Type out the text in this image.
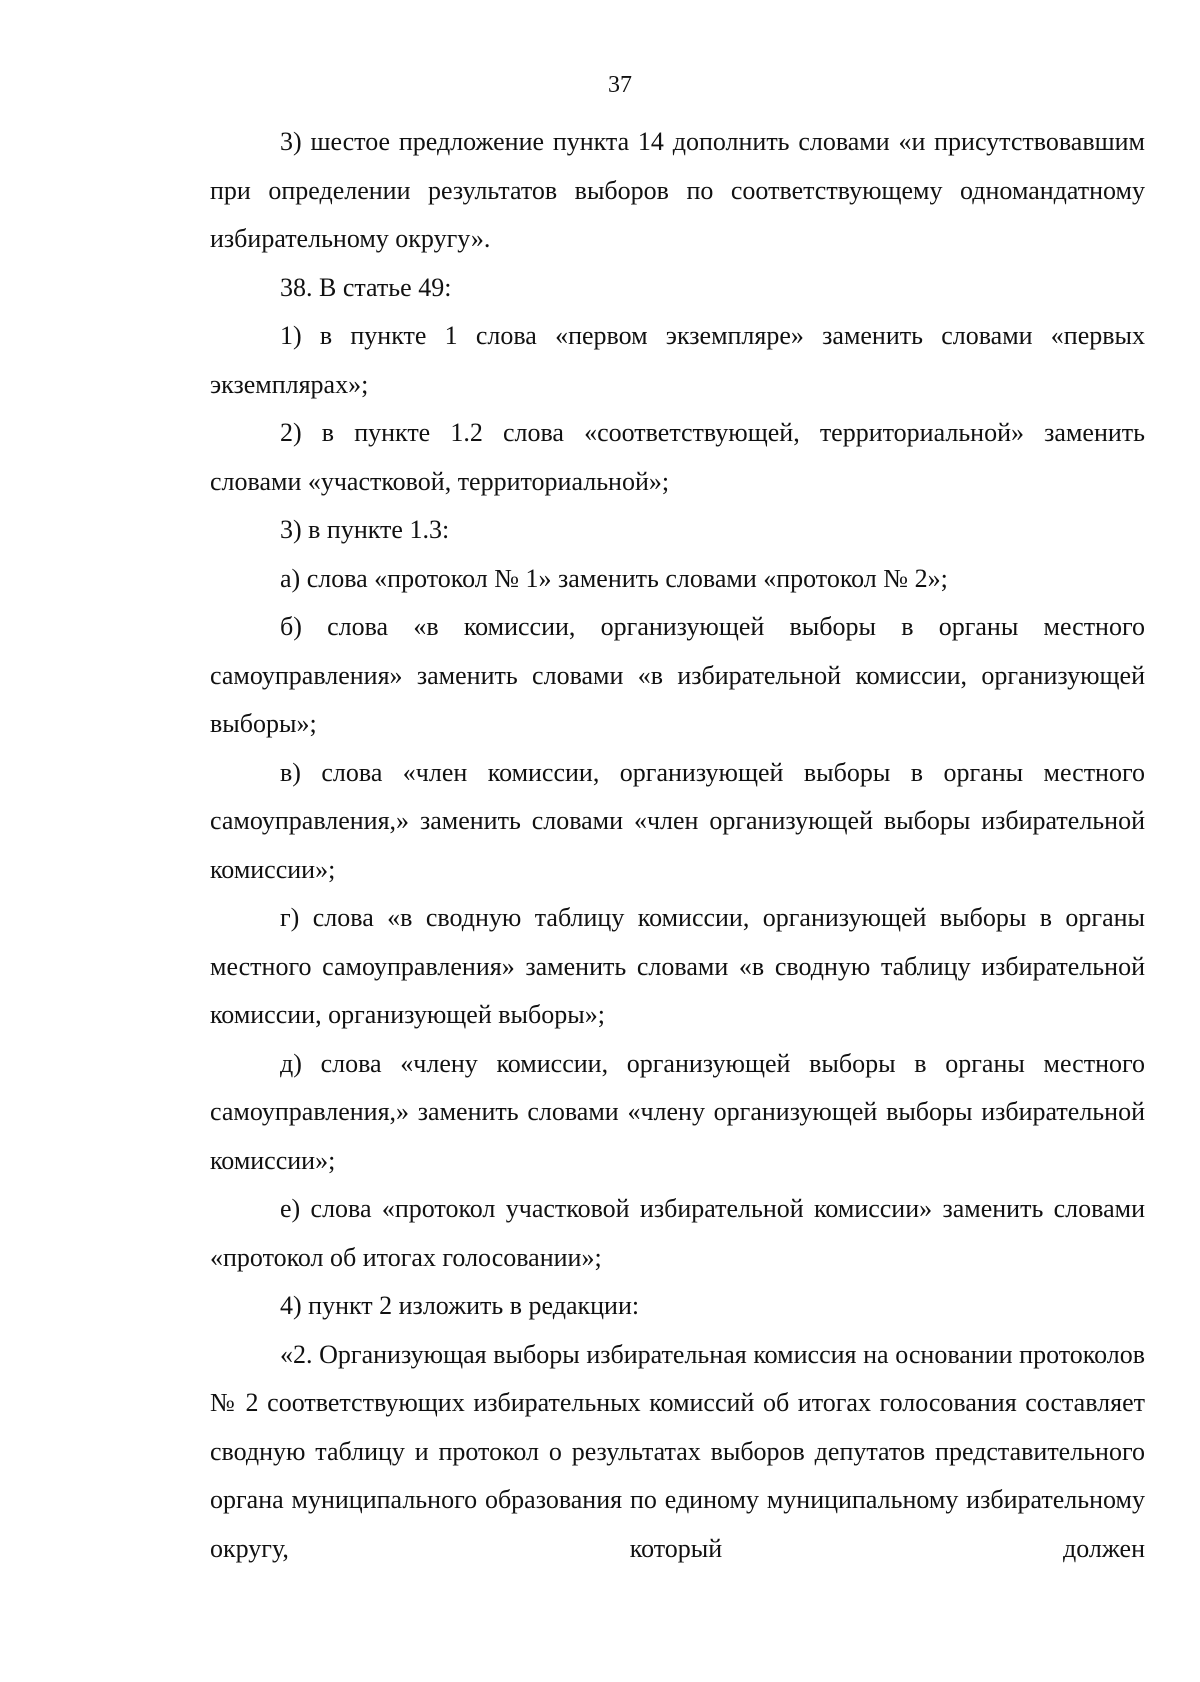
37

3) шестое предложение пункта 14 дополнить словами «и присутствовавшим при определении результатов выборов по соответствующему одномандатному избирательному округу».

38. В статье 49:

1) в пункте 1 слова «первом экземпляре» заменить словами «первых экземплярах»;

2) в пункте 1.2 слова «соответствующей, территориальной» заменить словами «участковой, территориальной»;

3) в пункте 1.3:

а) слова «протокол № 1» заменить словами «протокол № 2»;

б) слова «в комиссии, организующей выборы в органы местного самоуправления» заменить словами «в избирательной комиссии, организующей выборы»;

в) слова «член комиссии, организующей выборы в органы местного самоуправления,» заменить словами «член организующей выборы избирательной комиссии»;

г) слова «в сводную таблицу комиссии, организующей выборы в органы местного самоуправления» заменить словами «в сводную таблицу избирательной комиссии, организующей выборы»;

д) слова «члену комиссии, организующей выборы в органы местного самоуправления,» заменить словами «члену организующей выборы избирательной комиссии»;

е) слова «протокол участковой избирательной комиссии» заменить словами «протокол об итогах голосовании»;

4) пункт 2 изложить в редакции:

«2. Организующая выборы избирательная комиссия на основании протоколов № 2 соответствующих избирательных комиссий об итогах голосования составляет сводную таблицу и протокол о результатах выборов депутатов представительного органа муниципального образования по единому муниципальному избирательному округу, который должен
